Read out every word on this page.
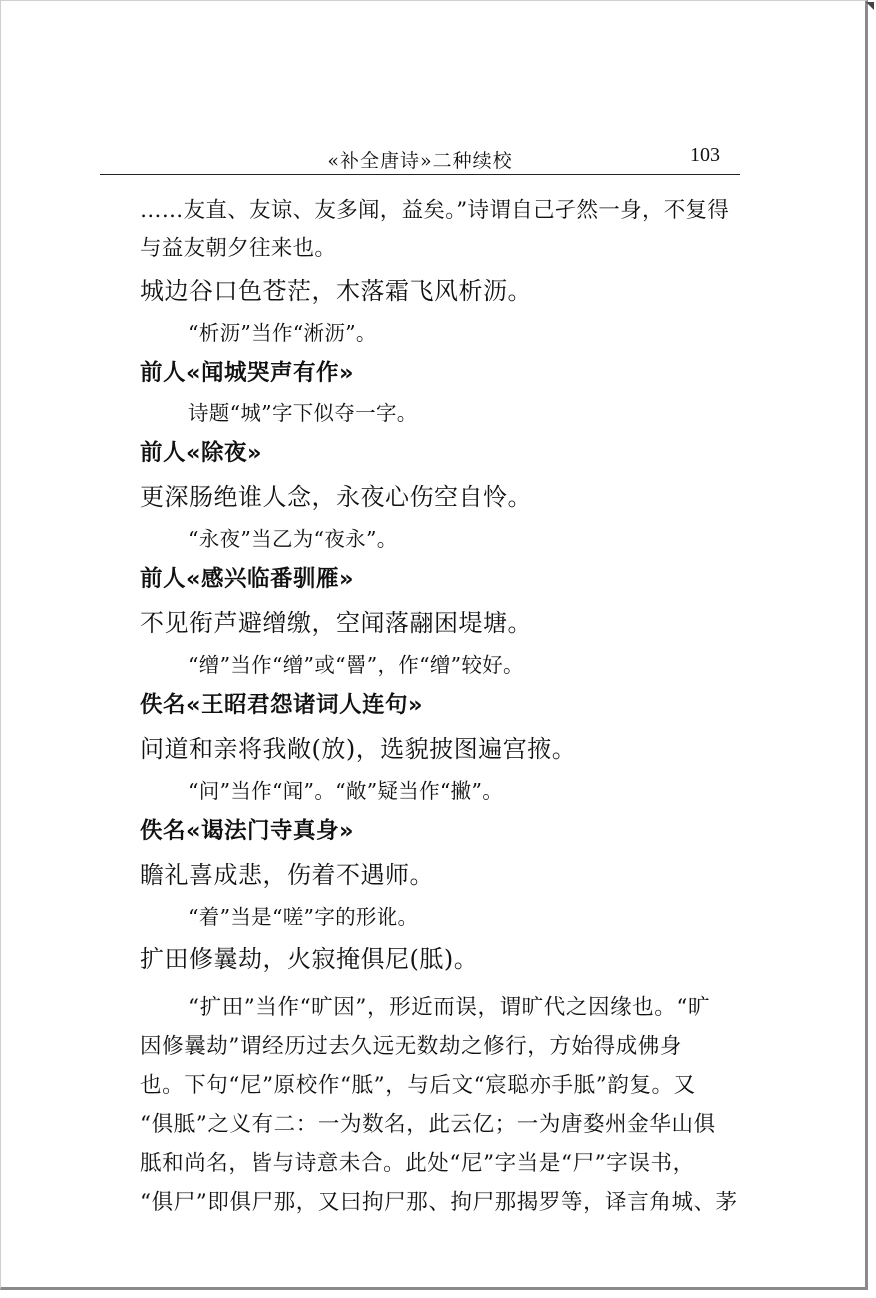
«补全唐诗»二种续校	103
……友直、友谅、友多闻，益矣。”诗谓自己孑然一身，不复得
与益友朝夕往来也。
城边谷口色苍茫，木落霜飞风析沥。
“析沥”当作“淅沥”。
前人«闻城哭声有作»
诗题“城”字下似夺一字。
前人«除夜»
更深肠绝谁人念，永夜心伤空自怜。
“永夜”当乙为“夜永”。
前人«感兴临番驯雁»
不见衔芦避缯缴，空闻落翮困堤塘。
“缯”当作“缯”或“罾”，作“缯”较好。
佚名«王昭君怨诸词人连句»
问道和亲将我敞(放)，选貌披图遍宫掖。
“问”当作“闻”。“敞”疑当作“撇”。
佚名«谒法门寺真身»
瞻礼喜成悲，伤着不遇师。
“着”当是“嗟”字的形讹。
扩田修曩劫，火寂掩俱尼(胝)。
“扩田”当作“旷因”，形近而误，谓旷代之因缘也。“旷
因修曩劫”谓经历过去久远无数劫之修行，方始得成佛身
也。下句“尼”原校作“胝”，与后文“宸聪亦手胝”韵复。又
“俱胝”之义有二：一为数名，此云亿；一为唐婺州金华山俱
胝和尚名，皆与诗意未合。此处“尼”字当是“尸”字误书，
“俱尸”即俱尸那，又曰拘尸那、拘尸那揭罗等，译言角城、茅
